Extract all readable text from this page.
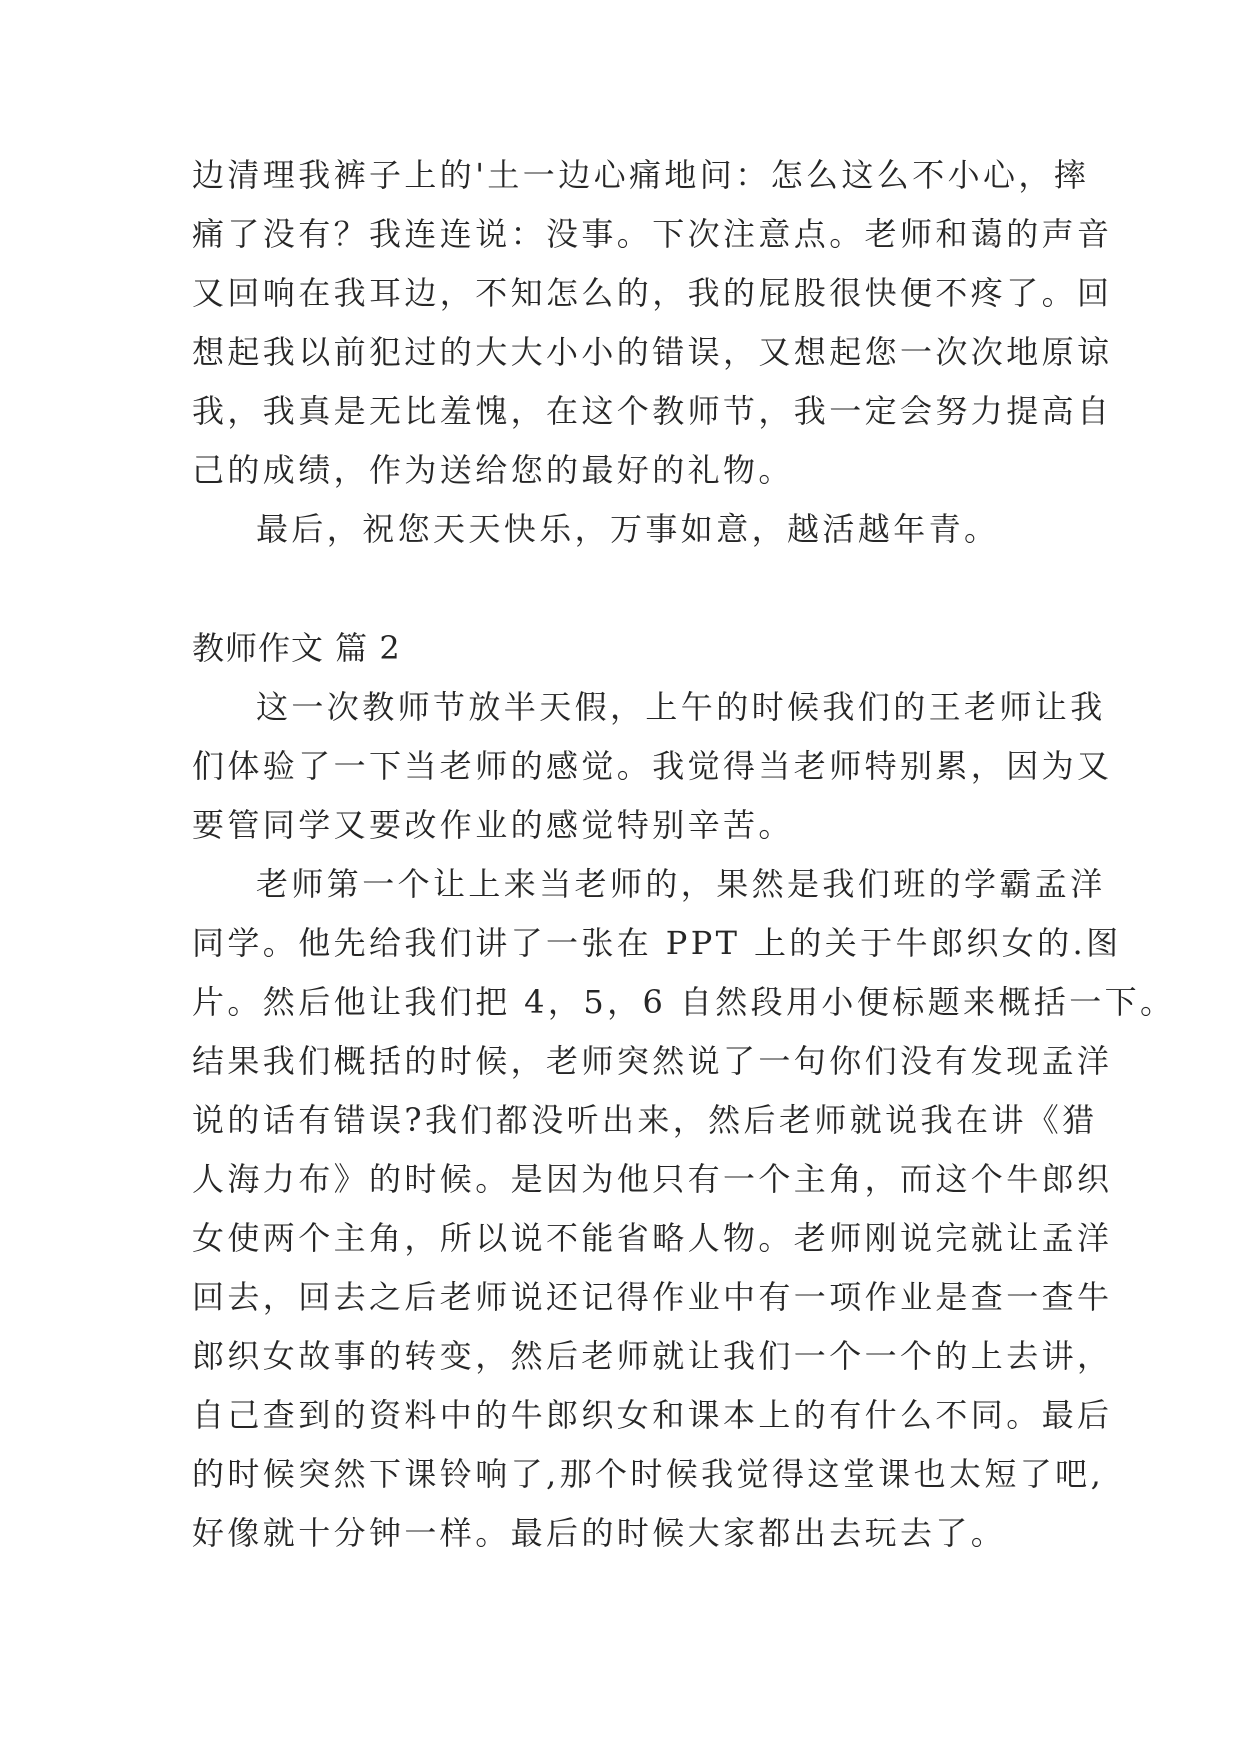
边清理我裤子上的'土一边心痛地问：怎么这么不小心，摔
痛了没有？我连连说：没事。下次注意点。老师和蔼的声音
又回响在我耳边，不知怎么的，我的屁股很快便不疼了。回
想起我以前犯过的大大小小的错误，又想起您一次次地原谅
我，我真是无比羞愧，在这个教师节，我一定会努力提高自
己的成绩，作为送给您的最好的礼物。
最后，祝您天天快乐，万事如意，越活越年青。
教师作文 篇 2
这一次教师节放半天假，上午的时候我们的王老师让我
们体验了一下当老师的感觉。我觉得当老师特别累，因为又
要管同学又要改作业的感觉特别辛苦。
老师第一个让上来当老师的，果然是我们班的学霸孟洋
同学。他先给我们讲了一张在 PPT 上的关于牛郎织女的.图
片。然后他让我们把 4，5，6 自然段用小便标题来概括一下。
结果我们概括的时候，老师突然说了一句你们没有发现孟洋
说的话有错误?我们都没听出来，然后老师就说我在讲《猎
人海力布》的时候。是因为他只有一个主角，而这个牛郎织
女使两个主角，所以说不能省略人物。老师刚说完就让孟洋
回去，回去之后老师说还记得作业中有一项作业是查一查牛
郎织女故事的转变，然后老师就让我们一个一个的上去讲，
自己查到的资料中的牛郎织女和课本上的有什么不同。最后
的时候突然下课铃响了,那个时候我觉得这堂课也太短了吧,
好像就十分钟一样。最后的时候大家都出去玩去了。
